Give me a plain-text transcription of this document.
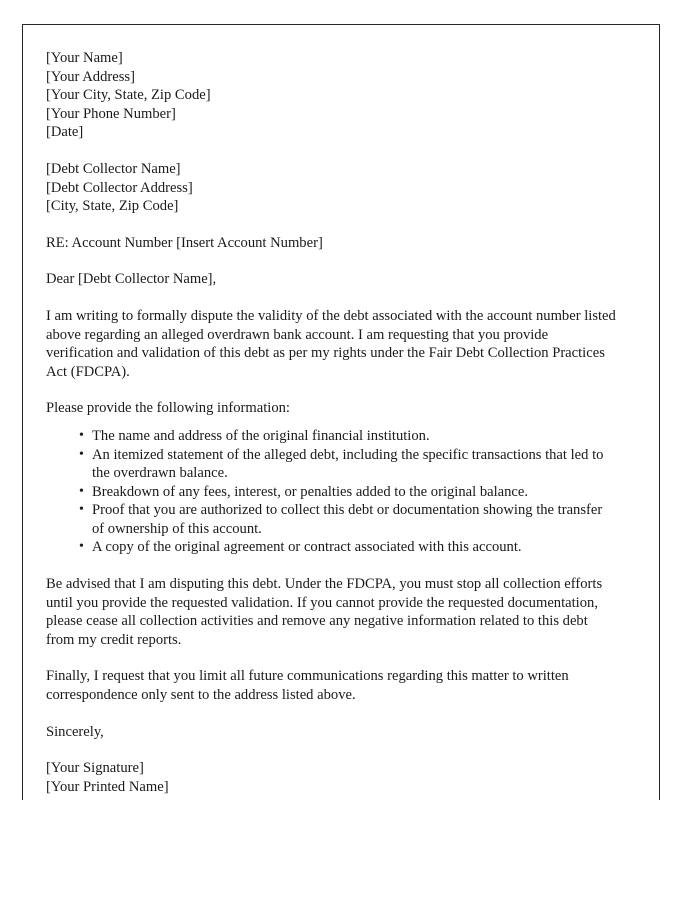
[Your Name]
[Your Address]
[Your City, State, Zip Code]
[Your Phone Number]
[Date]
[Debt Collector Name]
[Debt Collector Address]
[City, State, Zip Code]

RE: Account Number [Insert Account Number]

Dear [Debt Collector Name],

I am writing to formally dispute the validity of the debt associated with the account number listed above regarding an alleged overdrawn bank account. I am requesting that you provide verification and validation of this debt as per my rights under the Fair Debt Collection Practices Act (FDCPA).

Please provide the following information:

• The name and address of the original financial institution.
• An itemized statement of the alleged debt, including the specific transactions that led to the overdrawn balance.
• Breakdown of any fees, interest, or penalties added to the original balance.
• Proof that you are authorized to collect this debt or documentation showing the transfer of ownership of this account.
• A copy of the original agreement or contract associated with this account.

Be advised that I am disputing this debt. Under the FDCPA, you must stop all collection efforts until you provide the requested validation. If you cannot provide the requested documentation, please cease all collection activities and remove any negative information related to this debt from my credit reports.

Finally, I request that you limit all future communications regarding this matter to written correspondence only sent to the address listed above.

Sincerely,

[Your Signature]
[Your Printed Name]
